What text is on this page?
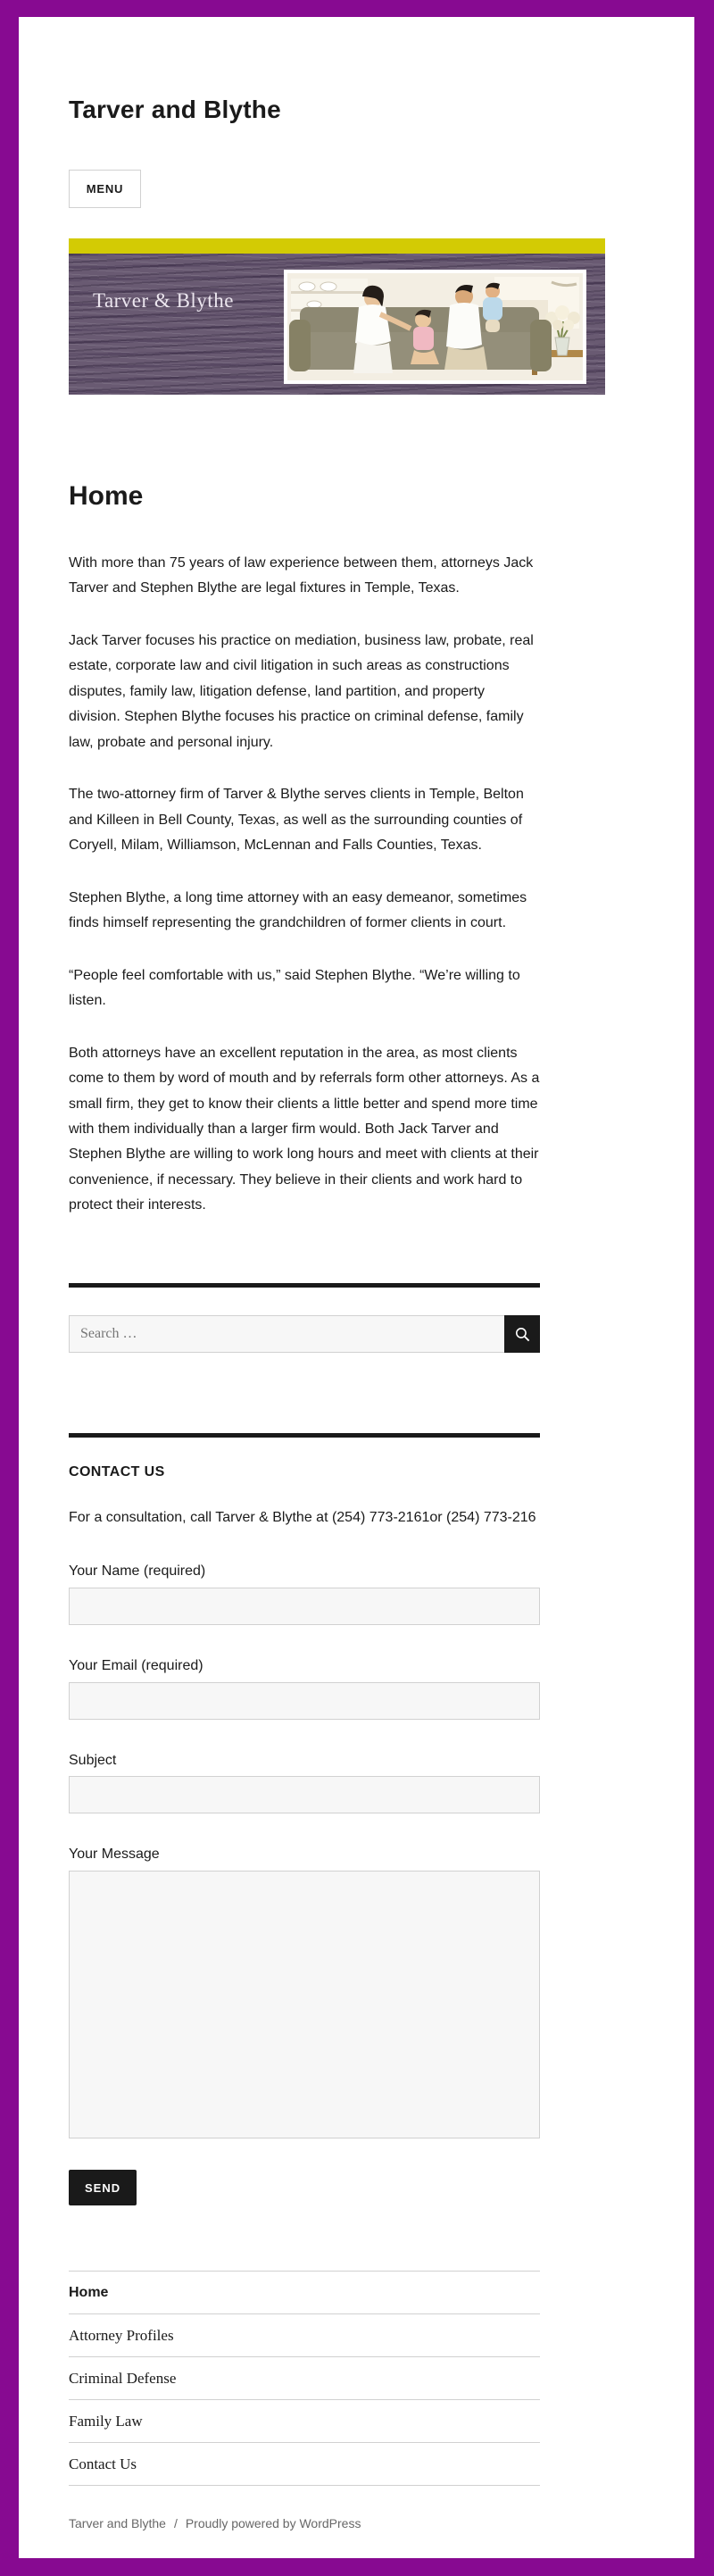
Tarver and Blythe
MENU
Tarver & Blythe
Home

With more than 75 years of law experience between them, attorneys Jack Tarver and Stephen Blythe are legal fixtures in Temple, Texas.

Jack Tarver focuses his practice on mediation, business law, probate, real estate, corporate law and civil litigation in such areas as constructions disputes, family law, litigation defense, land partition, and property division. Stephen Blythe focuses his practice on criminal defense, family law, probate and personal injury.

The two-attorney firm of Tarver & Blythe serves clients in Temple, Belton and Killeen in Bell County, Texas, as well as the surrounding counties of Coryell, Milam, Williamson, McLennan and Falls Counties, Texas.

Stephen Blythe, a long time attorney with an easy demeanor, sometimes finds himself representing the grandchildren of former clients in court.

“People feel comfortable with us,” said Stephen Blythe. “We’re willing to listen.

Both attorneys have an excellent reputation in the area, as most clients come to them by word of mouth and by referrals form other attorneys. As a small firm, they get to know their clients a little better and spend more time with them individually than a larger firm would. Both Jack Tarver and Stephen Blythe are willing to work long hours and meet with clients at their convenience, if necessary. They believe in their clients and work hard to protect their interests.

Search …
CONTACT US

For a consultation, call Tarver & Blythe at (254) 773-2161or (254) 773-216

Your Name (required)
Your Email (required)
Subject
Your Message
SEND
Home
Attorney Profiles
Criminal Defense
Family Law
Contact Us
Tarver and Blythe / Proudly powered by WordPress
